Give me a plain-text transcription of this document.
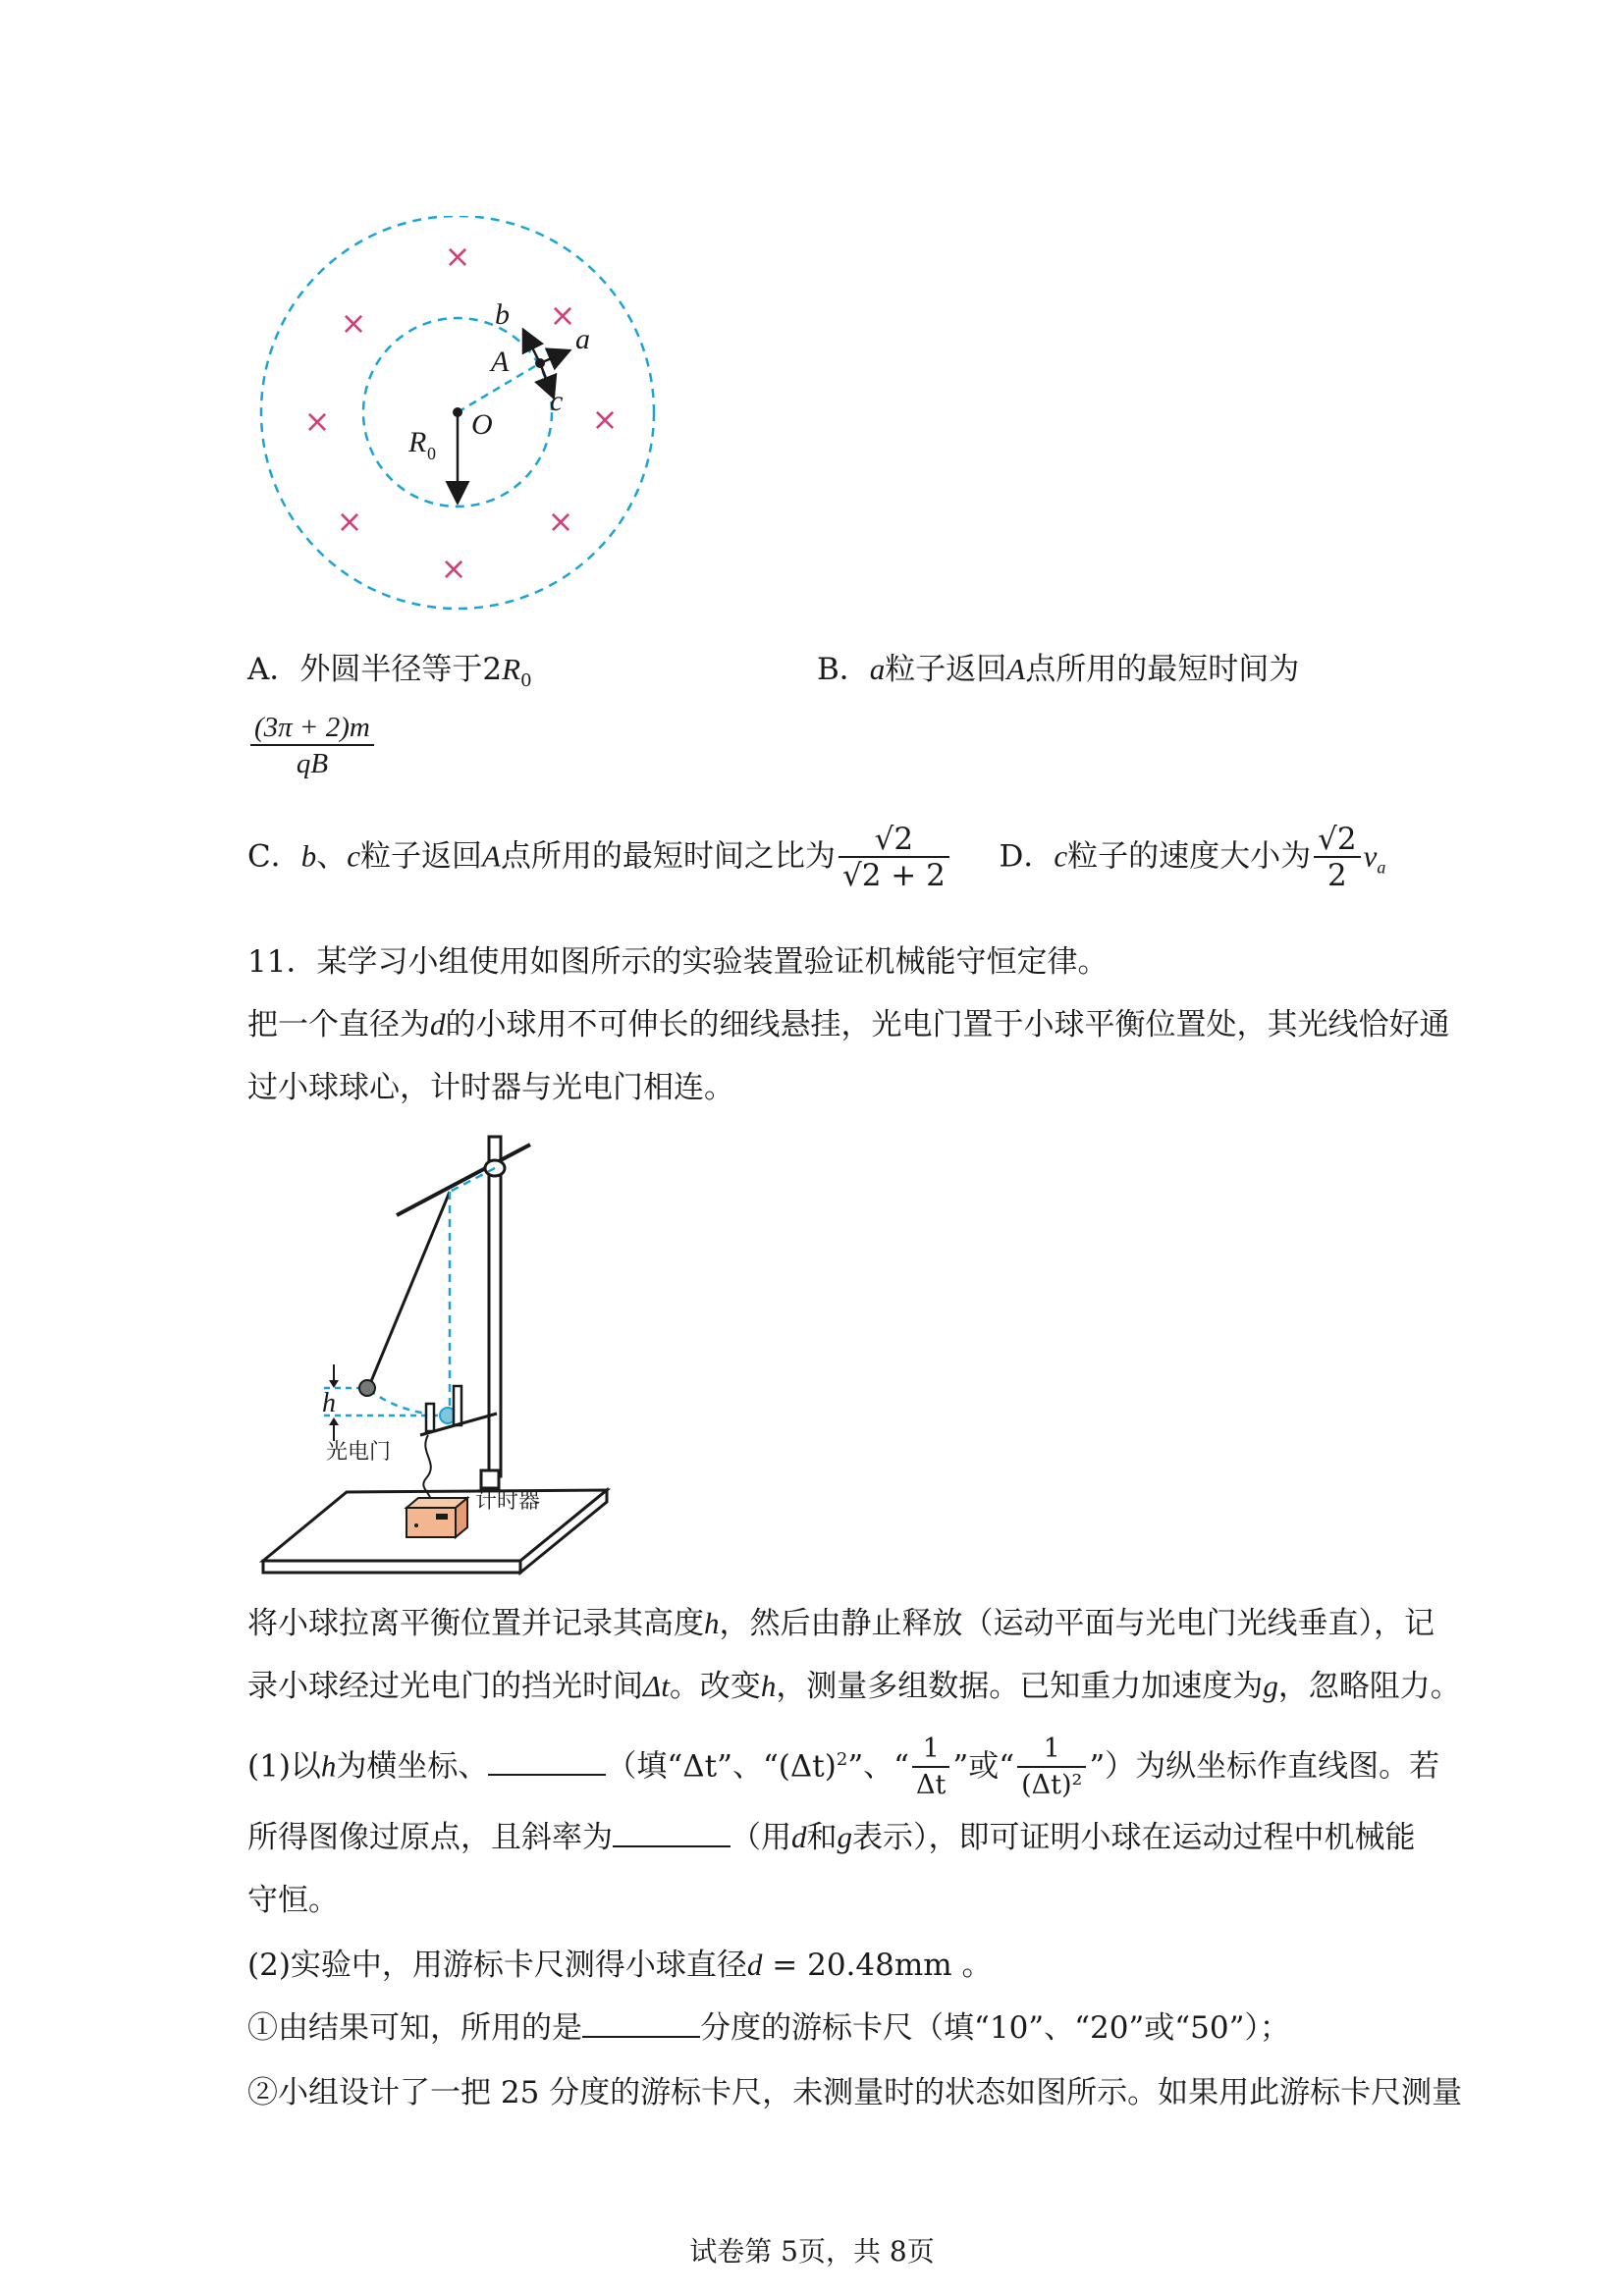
×
×	×
×	×
×	×
×
b
a
A
c
O
R 0
A．外圆半径等于$2R_0$	B．a粒子返回A点所用的最短时间为
$\frac{(3\pi + 2)m}{qB}$
C．b、c粒子返回A点所用的最短时间之比为 $\frac{√2}{√2 + 2}$ D．c粒子的速度大小为 $\frac{√2}{2} v_a$
11．某学习小组使用如图所示的实验装置验证机械能守恒定律。
把一个直径为d的小球用不可伸长的细线悬挂，光电门置于小球平衡位置处，其光线恰好通
过小球球心，计时器与光电门相连。
h
光电门
计时器
将小球拉离平衡位置并记录其高度h，然后由静止释放（运动平面与光电门光线垂直），记
录小球经过光电门的挡光时间Δt。改变h，测量多组数据。已知重力加速度为g，忽略阻力。
(1)以h为横坐标、	（填“Δt”、“$(\Delta t)^2$”、“ $\frac{1}{\Delta t}$ ”或“ $\frac{1}{\text{(Δt)²}}$ ”）为纵坐标作直线图。若
所得图像过原点，且斜率为	（用d和g表示），即可证明小球在运动过程中机械能
守恒。
(2)实验中，用游标卡尺测得小球直径d = 20.48mm 。
①由结果可知，所用的是	分度的游标卡尺（填“10”、“20”或“50”）；
②小组设计了一把 25 分度的游标卡尺，未测量时的状态如图所示。如果用此游标卡尺测量
试卷第 5页，共 8页
